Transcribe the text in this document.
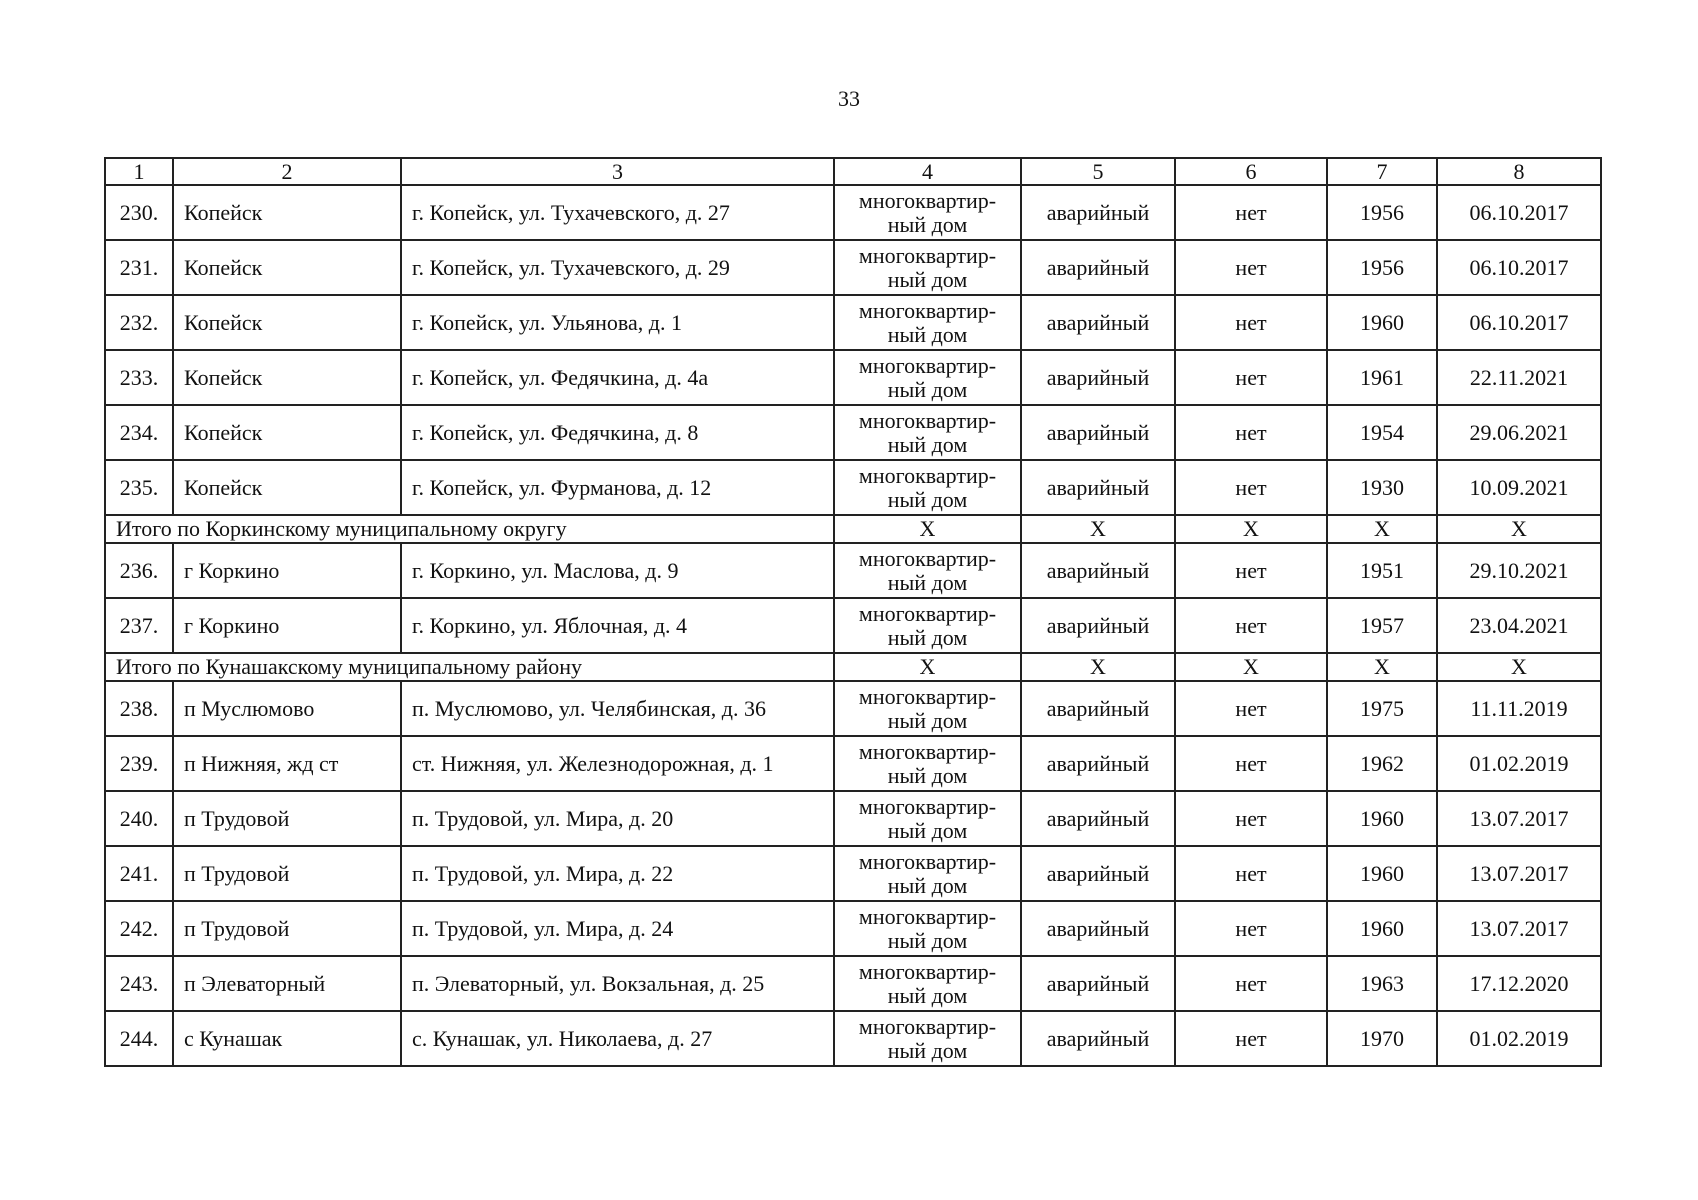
33
1	2	3	4	5	6	7	8
230.	Копейск	г. Копейск, ул. Тухачевского, д. 27	многоквартир-
ный дом	аварийный	нет	1956	06.10.2017
231.	Копейск	г. Копейск, ул. Тухачевского, д. 29	многоквартир-
ный дом	аварийный	нет	1956	06.10.2017
232.	Копейск	г. Копейск, ул. Ульянова, д. 1	многоквартир-
ный дом	аварийный	нет	1960	06.10.2017
233.	Копейск	г. Копейск, ул. Федячкина, д. 4а	многоквартир-
ный дом	аварийный	нет	1961	22.11.2021
234.	Копейск	г. Копейск, ул. Федячкина, д. 8	многоквартир-
ный дом	аварийный	нет	1954	29.06.2021
235.	Копейск	г. Копейск, ул. Фурманова, д. 12	многоквартир-
ный дом	аварийный	нет	1930	10.09.2021
Итого по Коркинскому муниципальному округу			X	X	X	X	X
236.	г Коркино	г. Коркино, ул. Маслова, д. 9	многоквартир-
ный дом	аварийный	нет	1951	29.10.2021
237.	г Коркино	г. Коркино, ул. Яблочная, д. 4	многоквартир-
ный дом	аварийный	нет	1957	23.04.2021
Итого по Кунашакскому муниципальному району			X	X	X	X	X
238.	п Муслюмово	п. Муслюмово, ул. Челябинская, д. 36	многоквартир-
ный дом	аварийный	нет	1975	11.11.2019
239.	п Нижняя, жд ст	ст. Нижняя, ул. Железнодорожная, д. 1	многоквартир-
ный дом	аварийный	нет	1962	01.02.2019
240.	п Трудовой	п. Трудовой, ул. Мира, д. 20	многоквартир-
ный дом	аварийный	нет	1960	13.07.2017
241.	п Трудовой	п. Трудовой, ул. Мира, д. 22	многоквартир-
ный дом	аварийный	нет	1960	13.07.2017
242.	п Трудовой	п. Трудовой, ул. Мира, д. 24	многоквартир-
ный дом	аварийный	нет	1960	13.07.2017
243.	п Элеваторный	п. Элеваторный, ул. Вокзальная, д. 25	многоквартир-
ный дом	аварийный	нет	1963	17.12.2020
244.	с Кунашак	с. Кунашак, ул. Николаева, д. 27	многоквартир-
ный дом	аварийный	нет	1970	01.02.2019
